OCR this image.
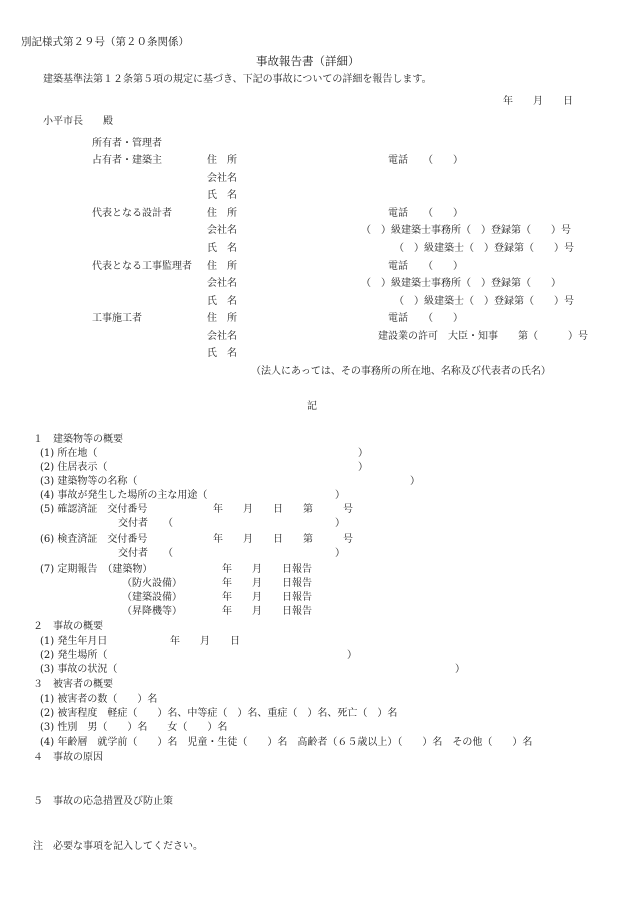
別記様式第２９号（第２０条関係）
事故報告書（詳細）
建築基準法第１２条第５項の規定に基づき、下記の事故についての詳細を報告します。
年　　月　　日
小平市長　　殿
所有者・管理者
占有者・建築主	住　所	電話　　（　　）
会社名
氏　名
代表となる設計者	住　所	電話　　（　　）
会社名	（　）級建築士事務所（　）登録第（　　）号
氏　名	（　）級建築士（　）登録第（　　）号
代表となる工事監理者 住　所	電話　　（　　）
会社名	（　）級建築士事務所（　）登録第（　　）
氏　名	（　）級建築士（　）登録第（　　）号
工事施工者	住　所	電話　　（　　）
会社名	建設業の許可　大臣・知事　　第（　　　）号
氏　名
（法人にあっては、その事務所の所在地、名称及び代表者の氏名）
記
１　建築物等の概要
(1) 所在地（	）
(2) 住居表示（	）
(3) 建築物等の名称（	）
(4) 事故が発生した場所の主な用途（	）
(5) 確認済証　交付番号	年　　月　　日　　第　　　号
交付者　　（	）
(6) 検査済証　交付番号	年　　月　　日　　第　　　号
交付者　　（	）
(7) 定期報告　（建築物）	年　　月　　日報告
（防火設備）	年　　月　　日報告
（建築設備）	年　　月　　日報告
（昇降機等）	年　　月　　日報告
２　事故の概要
(1) 発生年月日	年　　月　　日
(2) 発生場所（	）
(3) 事故の状況（	）
３　被害者の概要
(1) 被害者の数（　　）名
(2) 被害程度　軽症（　　）名、中等症（　）名、重症（　）名、死亡（　）名
(3) 性別　男（　　）名　　女（　　）名
(4) 年齢層　就学前（　　）名　児童・生徒（　　）名　高齢者（６５歳以上）（　　）名　その他（　　）名
４　事故の原因
５　事故の応急措置及び防止策
注　必要な事項を記入してください。
